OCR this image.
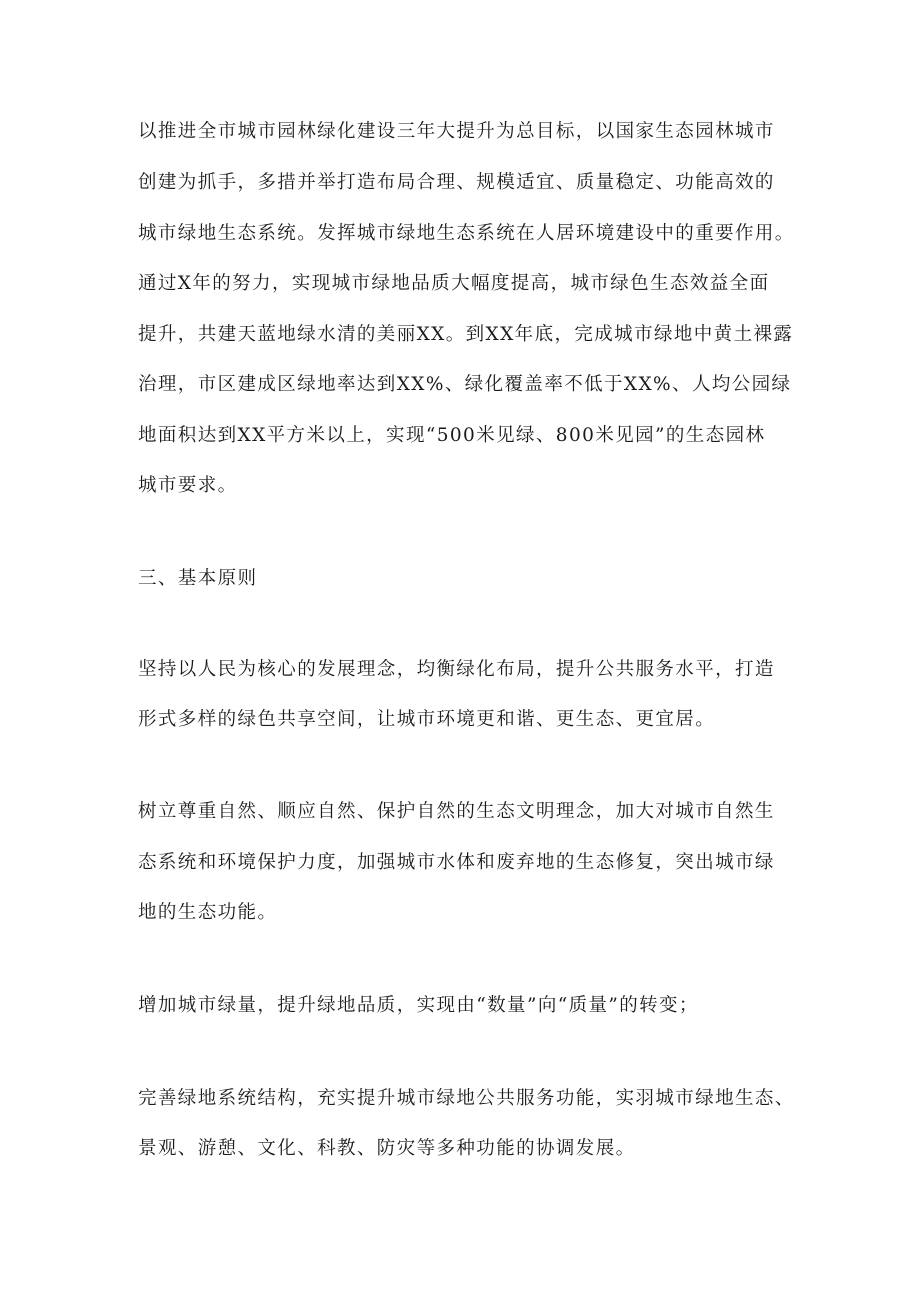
以推进全市城市园林绿化建设三年大提升为总目标，以国家生态园林城市
创建为抓手，多措并举打造布局合理、规模适宜、质量稳定、功能高效的
城市绿地生态系统。发挥城市绿地生态系统在人居环境建设中的重要作用。
通过X年的努力，实现城市绿地品质大幅度提高，城市绿色生态效益全面
提升，共建天蓝地绿水清的美丽XX。到XX年底，完成城市绿地中黄土裸露
治理，市区建成区绿地率达到XX%、绿化覆盖率不低于XX%、人均公园绿
地面积达到XX平方米以上，实现“500米见绿、800米见园”的生态园林
城市要求。
三、基本原则
坚持以人民为核心的发展理念，均衡绿化布局，提升公共服务水平，打造
形式多样的绿色共享空间，让城市环境更和谐、更生态、更宜居。
树立尊重自然、顺应自然、保护自然的生态文明理念，加大对城市自然生
态系统和环境保护力度，加强城市水体和废弃地的生态修复，突出城市绿
地的生态功能。
增加城市绿量，提升绿地品质，实现由“数量”向“质量”的转变；
完善绿地系统结构，充实提升城市绿地公共服务功能，实羽城市绿地生态、
景观、游憩、文化、科教、防灾等多种功能的协调发展。
